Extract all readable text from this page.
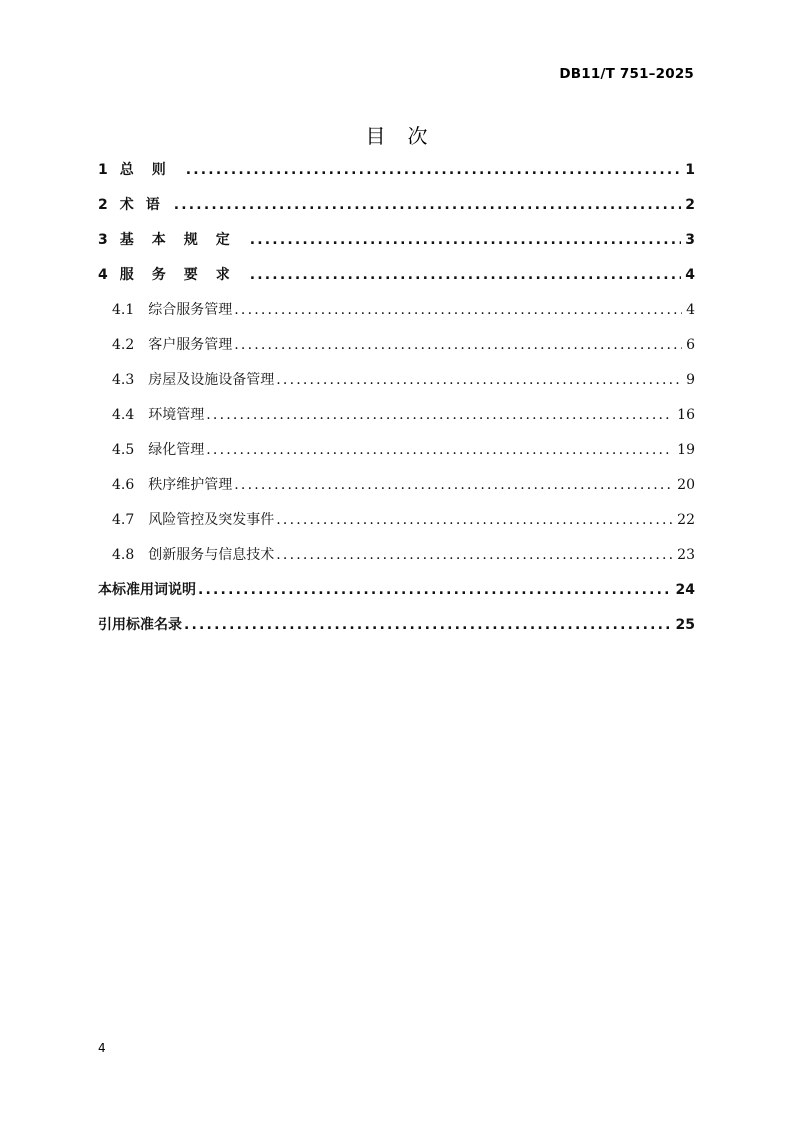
DB11/T 751–2025
目次
1 总则 .....	1
2 术语 .....	2
3 基本规定 .....	3
4 服务要求 .....	4
4.1 综合服务管理 .....	4
4.2 客户服务管理 .....	6
4.3 房屋及设施设备管理 .....	9
4.4 环境管理 .....	16
4.5 绿化管理 .....	19
4.6 秩序维护管理 .....	20
4.7 风险管控及突发事件 .....	22
4.8 创新服务与信息技术 .....	23
本标准用词说明 .....	24
引用标准名录 .....	25
4
